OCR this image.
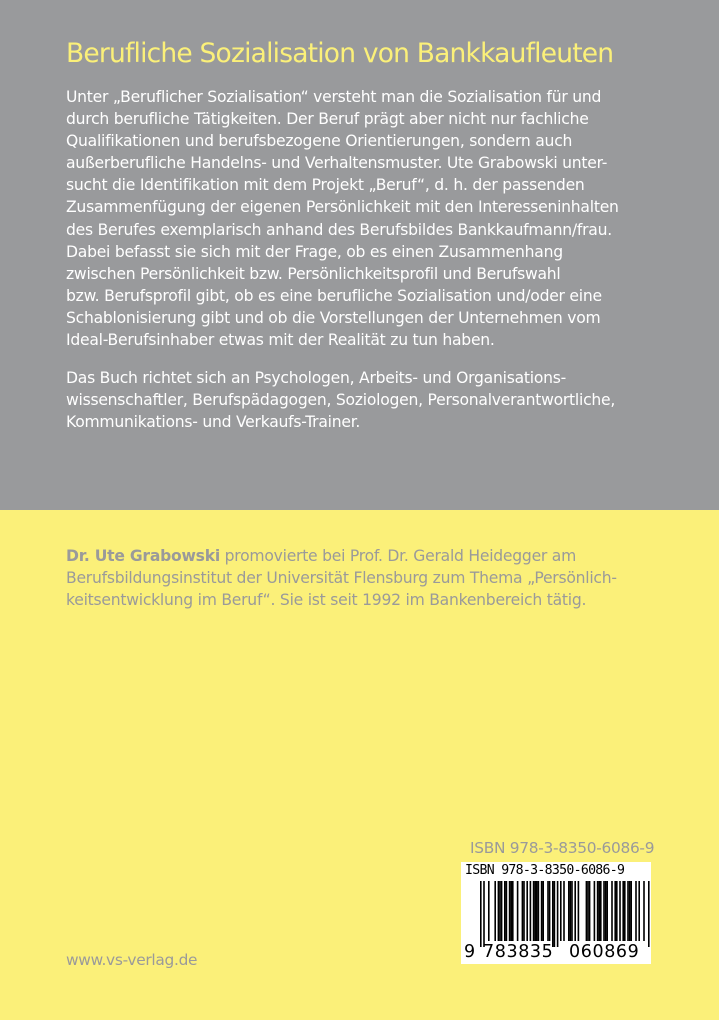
Berufliche Sozialisation von Bankkaufleuten
Unter „Beruflicher Sozialisation“ versteht man die Sozialisation für und
durch berufliche Tätigkeiten. Der Beruf prägt aber nicht nur fachliche
Qualifikationen und berufsbezogene Orientierungen, sondern auch
außerberufliche Handelns- und Verhaltensmuster. Ute Grabowski unter-
sucht die Identifikation mit dem Projekt „Beruf“, d. h. der passenden
Zusammenfügung der eigenen Persönlichkeit mit den Interesseninhalten
des Berufes exemplarisch anhand des Berufsbildes Bankkaufmann/frau.
Dabei befasst sie sich mit der Frage, ob es einen Zusammenhang
zwischen Persönlichkeit bzw. Persönlichkeitsprofil und Berufswahl
bzw. Berufsprofil gibt, ob es eine berufliche Sozialisation und/oder eine
Schablonisierung gibt und ob die Vorstellungen der Unternehmen vom
Ideal-Berufsinhaber etwas mit der Realität zu tun haben.
Das Buch richtet sich an Psychologen, Arbeits- und Organisations-
wissenschaftler, Berufspädagogen, Soziologen, Personalverantwortliche,
Kommunikations- und Verkaufs-Trainer.
Dr. Ute Grabowski promovierte bei Prof. Dr. Gerald Heidegger am
Berufsbildungsinstitut der Universität Flensburg zum Thema „Persönlich-
keitsentwicklung im Beruf“. Sie ist seit 1992 im Bankenbereich tätig.
ISBN 978-3-8350-6086-9
ISBN 978-3-8350-6086-9
9 783835 060869
www.vs-verlag.de
